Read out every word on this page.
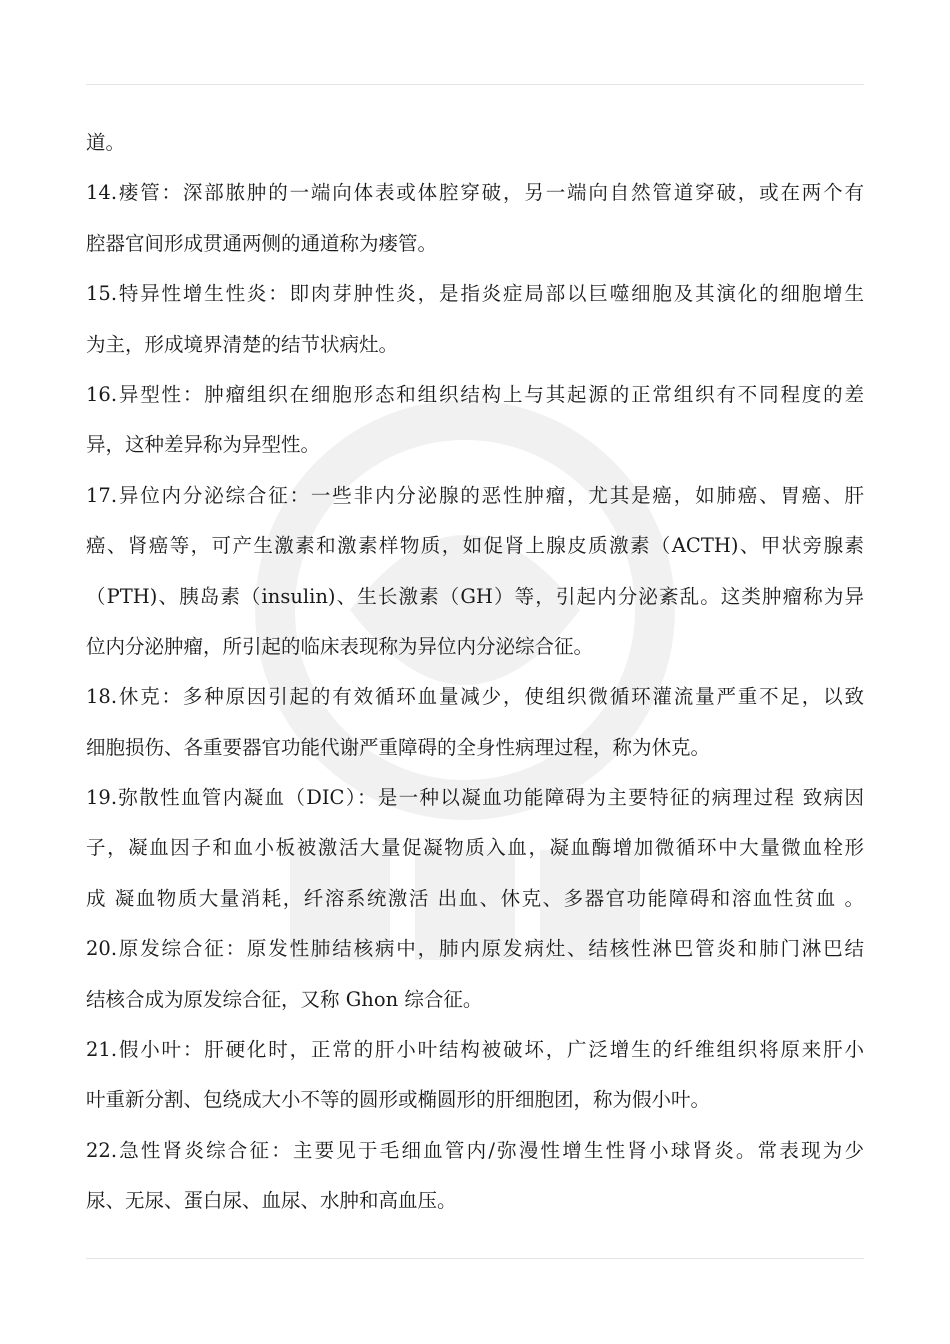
道。
14.瘘管：深部脓肿的一端向体表或体腔穿破，另一端向自然管道穿破，或在两个有
腔器官间形成贯通两侧的通道称为瘘管。
15.特异性增生性炎：即肉芽肿性炎，是指炎症局部以巨噬细胞及其演化的细胞增生
为主，形成境界清楚的结节状病灶。
16.异型性：肿瘤组织在细胞形态和组织结构上与其起源的正常组织有不同程度的差
异，这种差异称为异型性。
17.异位内分泌综合征：一些非内分泌腺的恶性肿瘤，尤其是癌，如肺癌、胃癌、肝
癌、肾癌等，可产生激素和激素样物质，如促肾上腺皮质激素（ACTH)、甲状旁腺素
（PTH)、胰岛素（insulin)、生长激素（GH）等，引起内分泌紊乱。这类肿瘤称为异
位内分泌肿瘤，所引起的临床表现称为异位内分泌综合征。
18.休克：多种原因引起的有效循环血量减少，使组织微循环灌流量严重不足，以致
细胞损伤、各重要器官功能代谢严重障碍的全身性病理过程，称为休克。
19.弥散性血管内凝血（DIC）：是一种以凝血功能障碍为主要特征的病理过程 致病因
子，凝血因子和血小板被激活大量促凝物质入血，凝血酶增加微循环中大量微血栓形
成 凝血物质大量消耗，纤溶系统激活 出血、休克、多器官功能障碍和溶血性贫血 。
20.原发综合征：原发性肺结核病中，肺内原发病灶、结核性淋巴管炎和肺门淋巴结
结核合成为原发综合征，又称 Ghon 综合征。
21.假小叶：肝硬化时，正常的肝小叶结构被破坏，广泛增生的纤维组织将原来肝小
叶重新分割、包绕成大小不等的圆形或椭圆形的肝细胞团，称为假小叶。
22.急性肾炎综合征：主要见于毛细血管内/弥漫性增生性肾小球肾炎。常表现为少
尿、无尿、蛋白尿、血尿、水肿和高血压。
